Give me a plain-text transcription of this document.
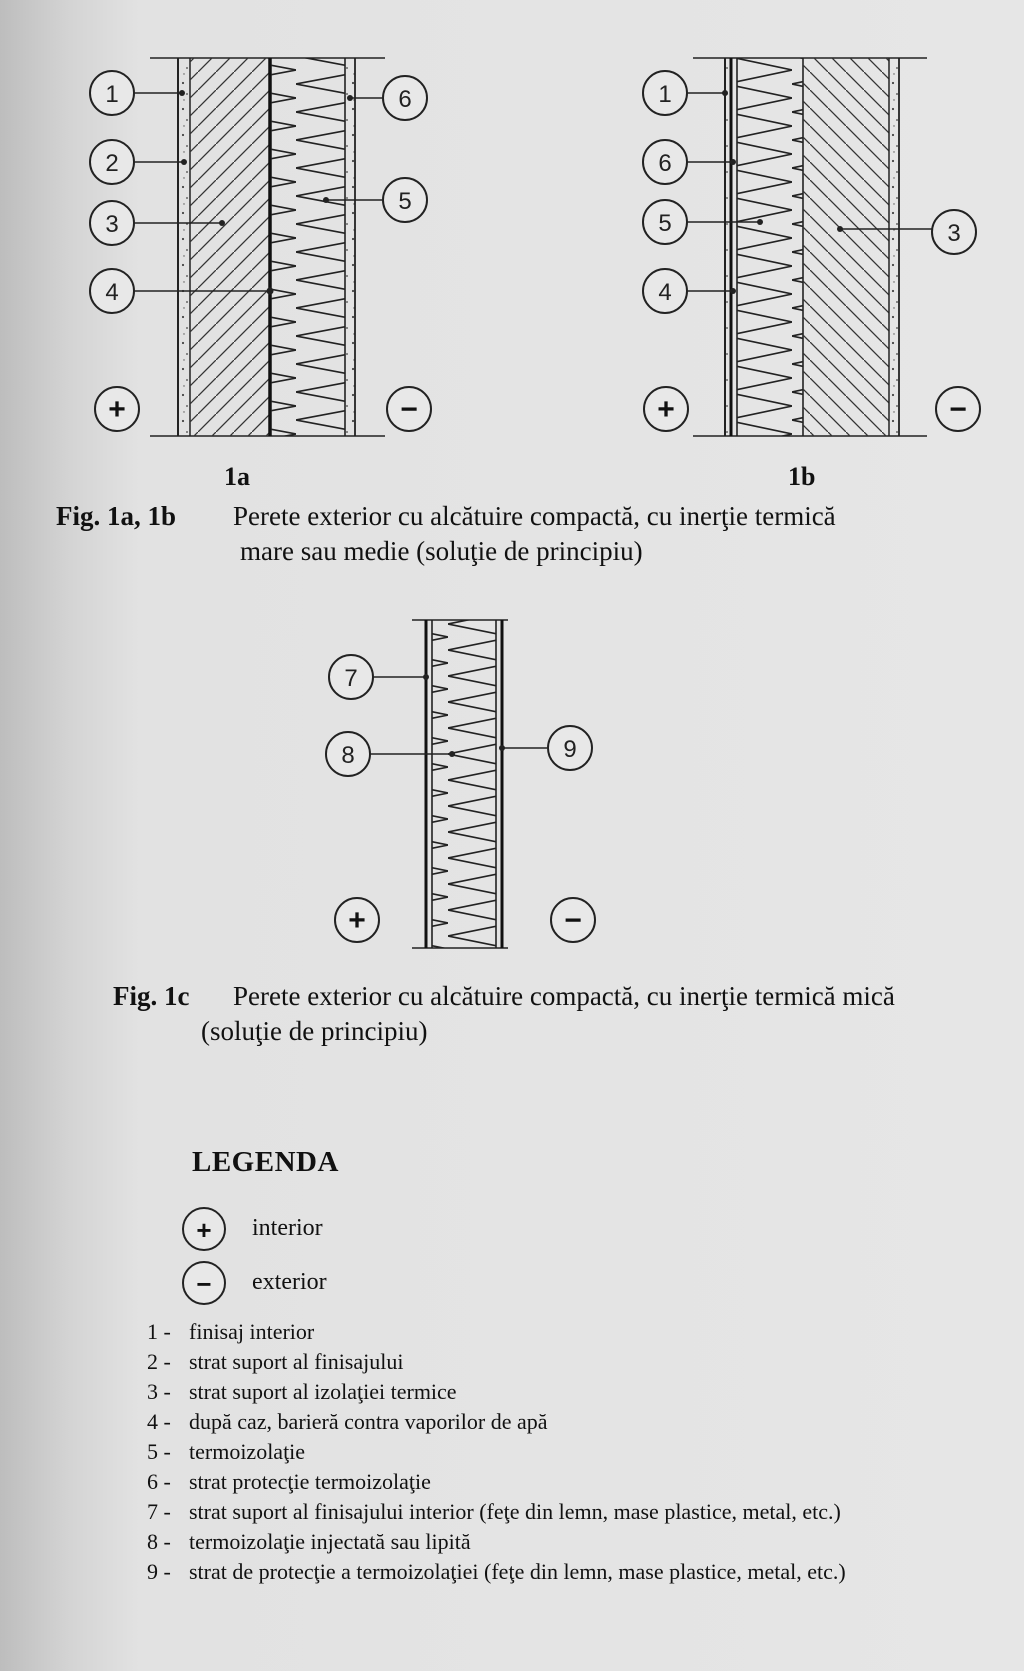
1
2
3
4
6
5
+	−
1
6
5
4
3
+	−
7
8	9
+	−
+
−
1a	1b
Fig. 1a, 1b Perete exterior cu alcătuire compactă, cu inerţie termică
mare sau medie (soluţie de principiu)
Fig. 1c Perete exterior cu alcătuire compactă, cu inerţie termică mică
(soluţie de principiu)
LEGENDA
interior
exterior
1 - finisaj interior
2 - strat suport al finisajului
3 - strat suport al izolaţiei termice
4 - după caz, barieră contra vaporilor de apă
5 - termoizolaţie
6 - strat protecţie termoizolaţie
7 - strat suport al finisajului interior (feţe din lemn, mase plastice, metal, etc.)
8 - termoizolaţie injectată sau lipită
9 - strat de protecţie a termoizolaţiei (feţe din lemn, mase plastice, metal, etc.)
